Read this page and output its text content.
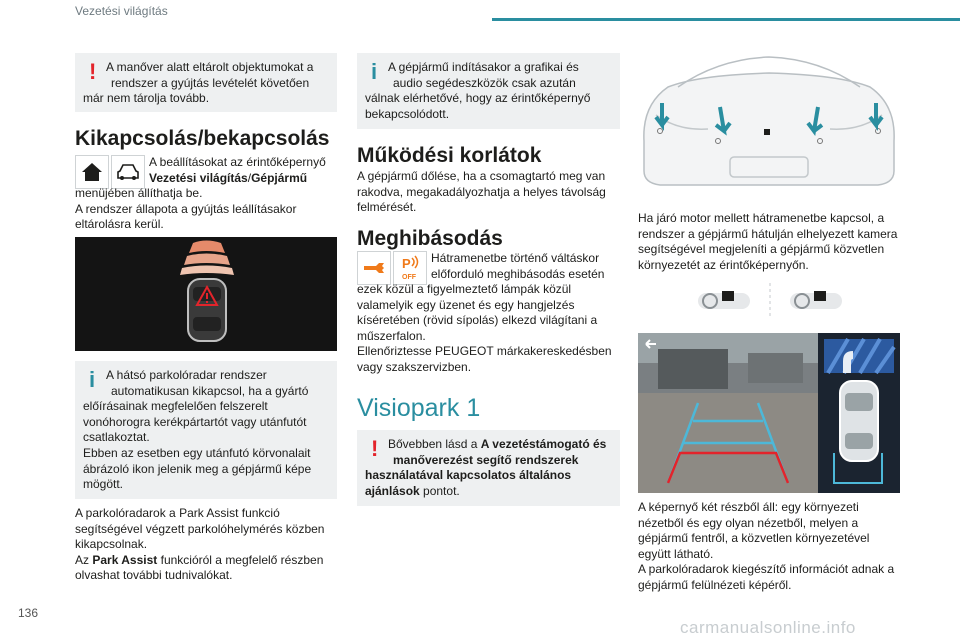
Vezetési világítás
! A manőver alatt eltárolt objektumokat a
rendszer a gyújtás levételét követően
már nem tárolja tovább.
Kikapcsolás/bekapcsolás
A beállításokat az érintőképernyő
Vezetési világítás/Gépjármű
menüjében állíthatja be.
A rendszer állapota a gyújtás leállításakor
eltárolásra kerül.
i A hátsó parkolóradar rendszer
automatikusan kikapcsol, ha a gyártó
előírásainak megfelelően felszerelt
vonóhorogra kerékpártartót vagy utánfutót
csatlakoztat.
Ebben az esetben egy utánfutó körvonalait
ábrázoló ikon jelenik meg a gépjármű képe
mögött.
A parkolóradarok a Park Assist funkció
segítségével végzett parkolóhelymérés közben
kikapcsolnak.
Az Park Assist funkcióról a megfelelő részben
olvashat további tudnivalókat.
i A gépjármű indításakor a grafikai és
audio segédeszközök csak azután
válnak elérhetővé, hogy az érintőképernyő
bekapcsolódott.
Működési korlátok
A gépjármű dőlése, ha a csomagtartó meg van
rakodva, megakadályozhatja a helyes távolság
felmérését.
Meghibásodás
P
OFF
Hátramenetbe történő váltáskor
előforduló meghibásodás esetén
ezek közül a figyelmeztető lámpák közül
valamelyik egy üzenet és egy hangjelzés
kíséretében (rövid sípolás) elkezd világítani a
műszerfalon.
Ellenőriztesse PEUGEOT márkakereskedésben
vagy szakszervizben.
Visiopark 1
! Bővebben lásd a A vezetéstámogató és
manőverezést segítő rendszerek
használatával kapcsolatos általános
ajánlások pontot.
Ha járó motor mellett hátramenetbe kapcsol, a
rendszer a gépjármű hátulján elhelyezett kamera
segítségével megjeleníti a gépjármű közvetlen
környezetét az érintőképernyőn.
A képernyő két részből áll: egy környezeti
nézetből és egy olyan nézetből, melyen a
gépjármű fentről, a közvetlen környezetével
együtt látható.
A parkolóradarok kiegészítő információt adnak a
gépjármű felülnézeti képéről.
136
carmanualsonline.info
